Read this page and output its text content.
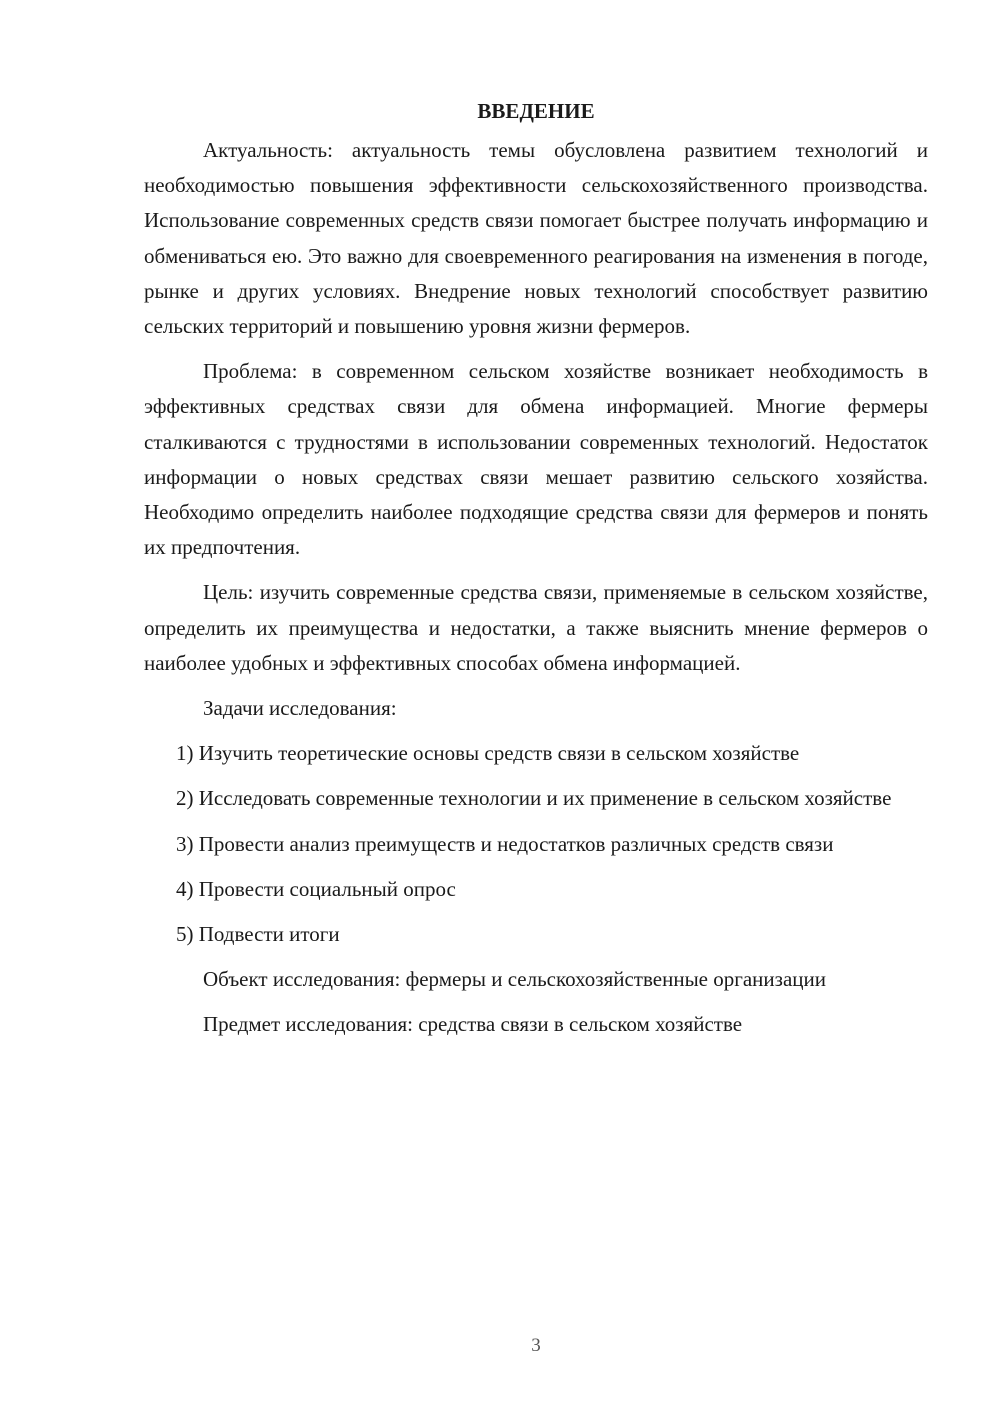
ВВЕДЕНИЕ

Актуальность: актуальность темы обусловлена развитием технологий и необходимостью повышения эффективности сельскохозяйственного производства. Использование современных средств связи помогает быстрее получать информацию и обмениваться ею. Это важно для своевременного реагирования на изменения в погоде, рынке и других условиях. Внедрение новых технологий способствует развитию сельских территорий и повышению уровня жизни фермеров.

Проблема: в современном сельском хозяйстве возникает необходимость в эффективных средствах связи для обмена информацией. Многие фермеры сталкиваются с трудностями в использовании современных технологий. Недостаток информации о новых средствах связи мешает развитию сельского хозяйства. Необходимо определить наиболее подходящие средства связи для фермеров и понять их предпочтения.

Цель: изучить современные средства связи, применяемые в сельском хозяйстве, определить их преимущества и недостатки, а также выяснить мнение фермеров о наиболее удобных и эффективных способах обмена информацией.

Задачи исследования:

1) Изучить теоретические основы средств связи в сельском хозяйстве

2) Исследовать современные технологии и их применение в сельском хозяйстве

3) Провести анализ преимуществ и недостатков различных средств связи

4) Провести социальный опрос

5) Подвести итоги

Объект исследования: фермеры и сельскохозяйственные организации

Предмет исследования: средства связи в сельском хозяйстве

3
